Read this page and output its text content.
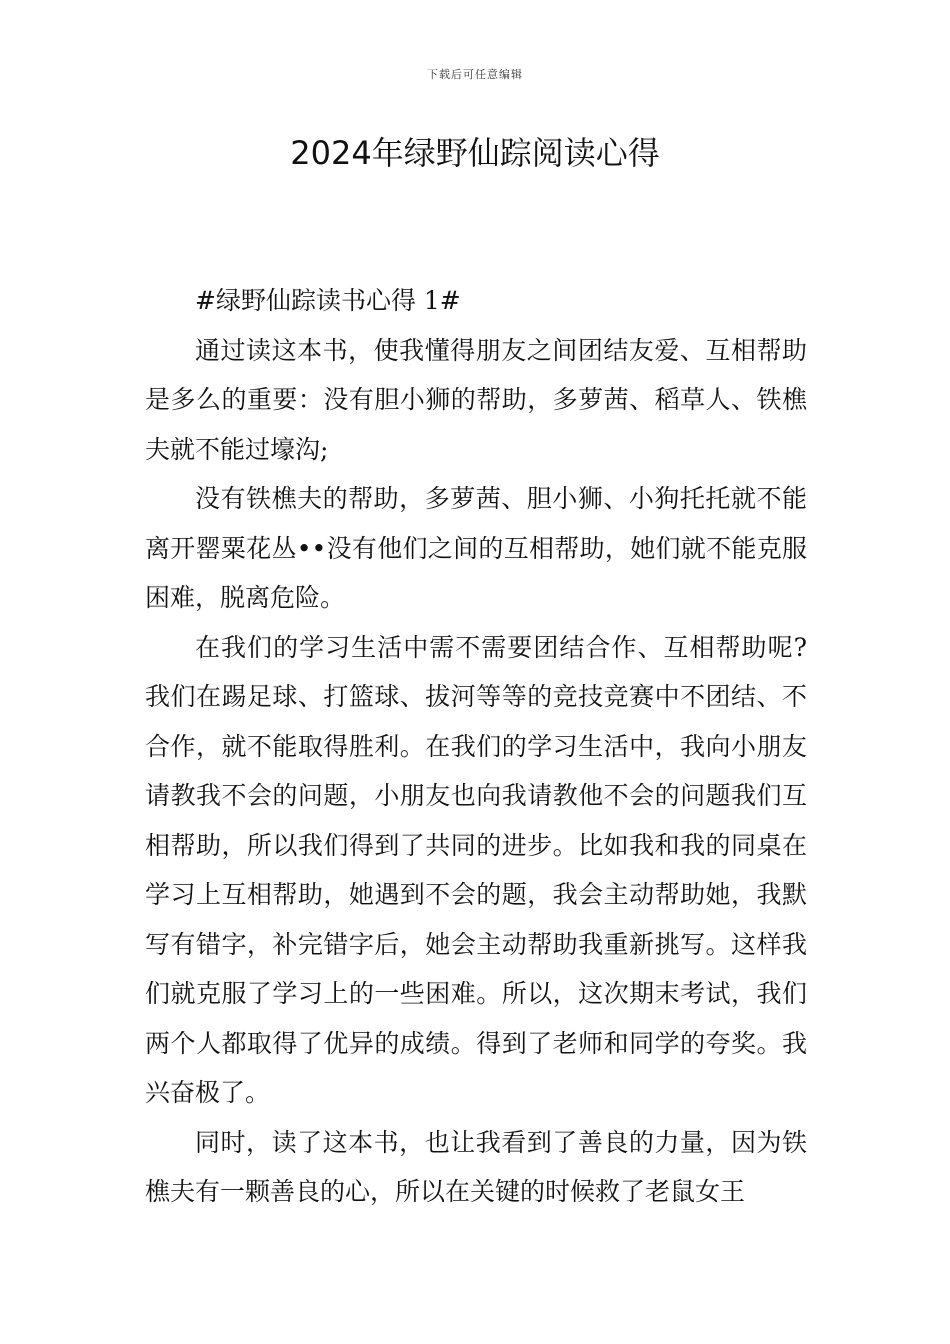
下载后可任意编辑
2024年绿野仙踪阅读心得

#绿野仙踪读书心得 1#

通过读这本书，使我懂得朋友之间团结友爱、互相帮助是多么的重要：没有胆小狮的帮助，多萝茜、稻草人、铁樵夫就不能过壕沟;

没有铁樵夫的帮助，多萝茜、胆小狮、小狗托托就不能离开罂粟花丛••没有他们之间的互相帮助，她们就不能克服困难，脱离危险。

在我们的学习生活中需不需要团结合作、互相帮助呢?我们在踢足球、打篮球、拔河等等的竞技竞赛中不团结、不合作，就不能取得胜利。在我们的学习生活中，我向小朋友请教我不会的问题，小朋友也向我请教他不会的问题我们互相帮助，所以我们得到了共同的进步。比如我和我的同桌在学习上互相帮助，她遇到不会的题，我会主动帮助她，我默写有错字，补完错字后，她会主动帮助我重新挑写。这样我们就克服了学习上的一些困难。所以，这次期末考试，我们两个人都取得了优异的成绩。得到了老师和同学的夸奖。我兴奋极了。

同时，读了这本书，也让我看到了善良的力量，因为铁樵夫有一颗善良的心，所以在关键的时候救了老鼠女王
